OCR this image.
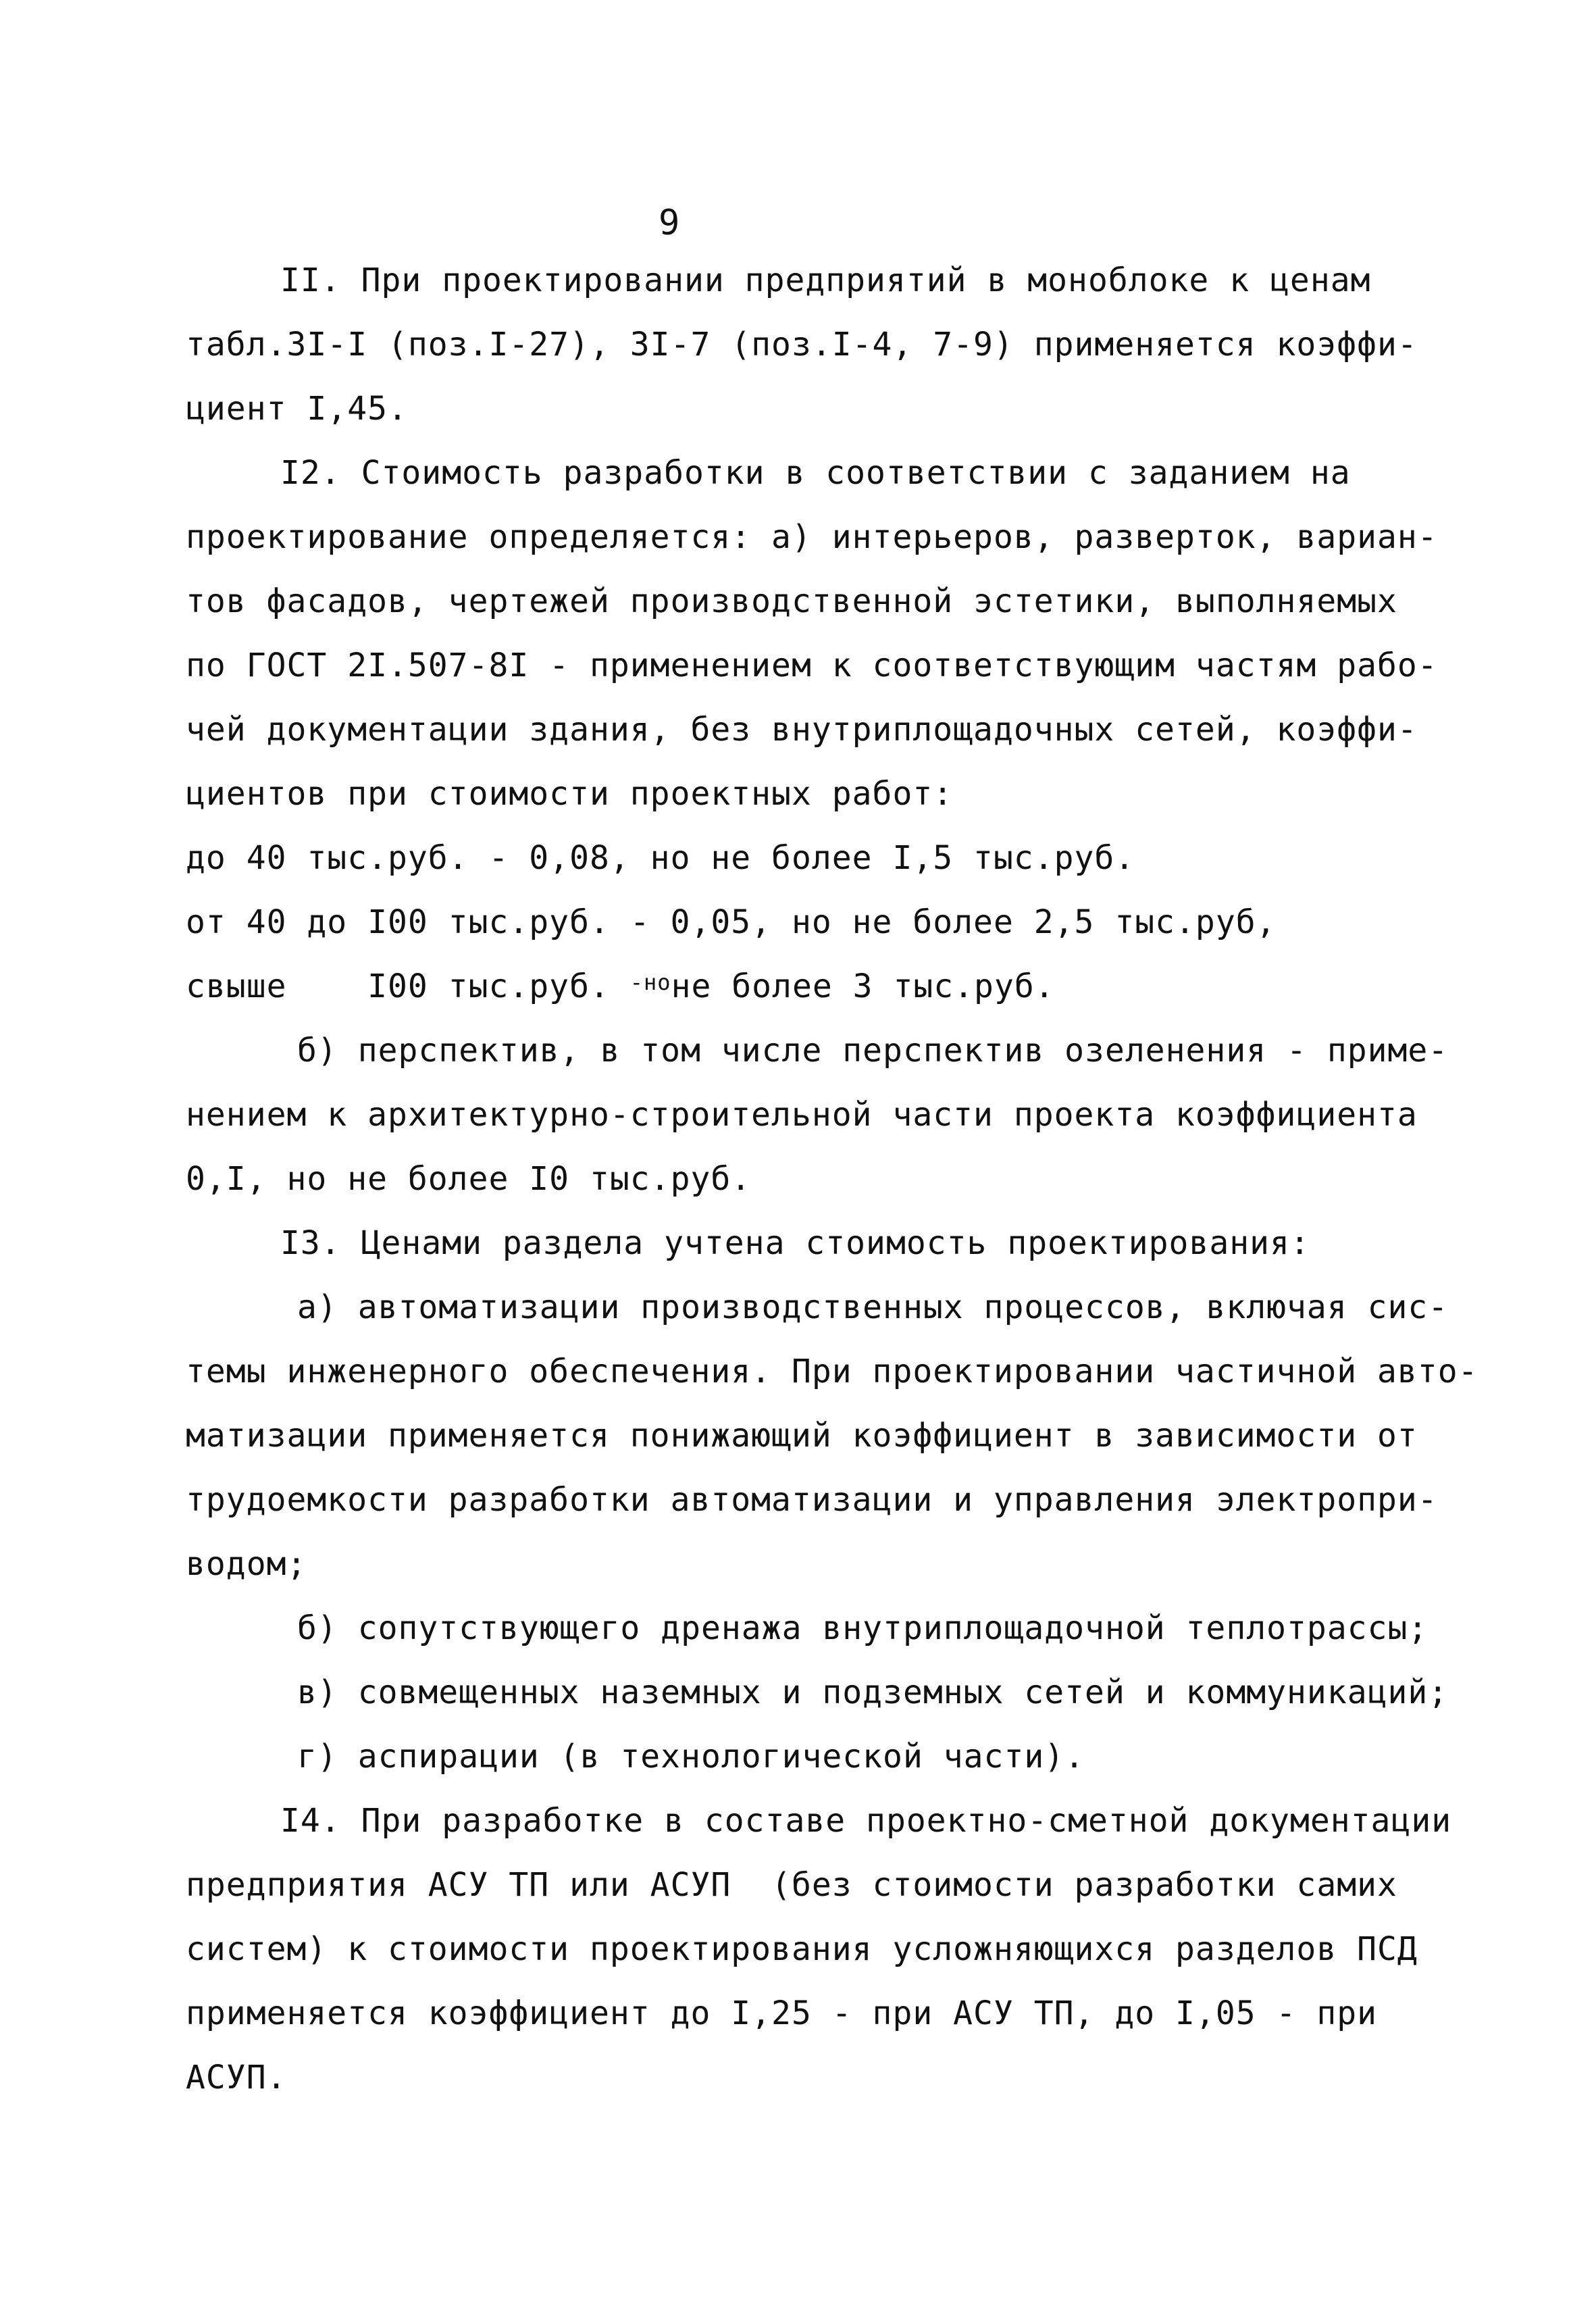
9
II. При проектировании предприятий в моноблоке к ценам
табл.3I-I (поз.I-27), 3I-7 (поз.I-4, 7-9) применяется коэффи-
циент I,45.
I2. Стоимость разработки в соответствии с заданием на
проектирование определяется: а) интерьеров, разверток, вариан-
тов фасадов, чертежей производственной эстетики, выполняемых
по ГОСТ 2I.507-8I - применением к соответствующим частям рабо-
чей документации здания, без внутриплощадочных сетей, коэффи-
циентов при стоимости проектных работ:
до 40 тыс.руб. - 0,08, но не более I,5 тыс.руб.
от 40 до I00 тыс.руб. - 0,05, но не более 2,5 тыс.руб,
свыше    I00 тыс.руб. $^{-но}$не более 3 тыс.руб.
б) перспектив, в том числе перспектив озеленения - приме-
нением к архитектурно-строительной части проекта коэффициента
0,I, но не более I0 тыс.руб.
I3. Ценами раздела учтена стоимость проектирования:
а) автоматизации производственных процессов, включая сис-
темы инженерного обеспечения. При проектировании частичной авто-
матизации применяется понижающий коэффициент в зависимости от
трудоемкости разработки автоматизации и управления электропри-
водом;
б) сопутствующего дренажа внутриплощадочной теплотрассы;
в) совмещенных наземных и подземных сетей и коммуникаций;
г) аспирации (в технологической части).
I4. При разработке в составе проектно-сметной документации
предприятия АСУ ТП или АСУП  (без стоимости разработки самих
систем) к стоимости проектирования усложняющихся разделов ПСД
применяется коэффициент до I,25 - при АСУ ТП, до I,05 - при
АСУП.
